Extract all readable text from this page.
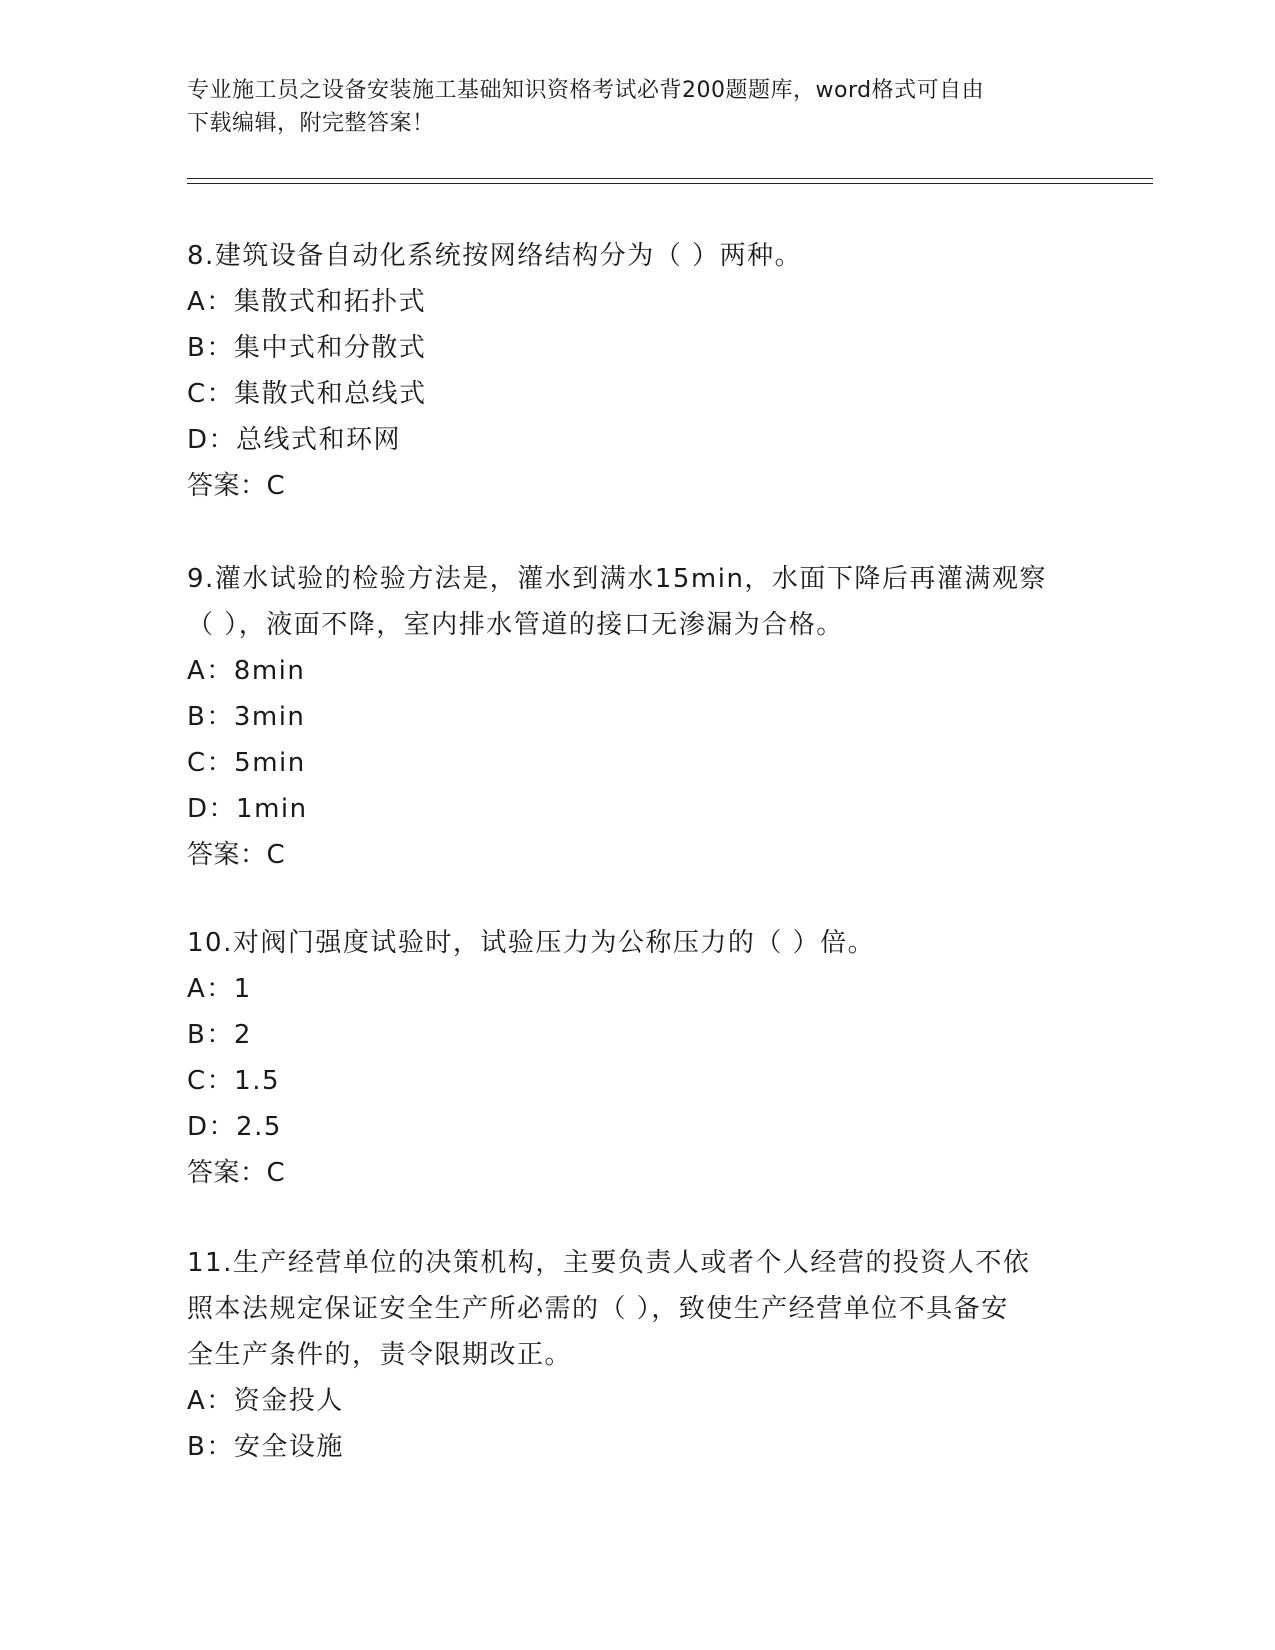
专业施工员之设备安装施工基础知识资格考试必背200题题库，word格式可自由
下载编辑，附完整答案！

8.建筑设备自动化系统按网络结构分为（ ）两种。

A：集散式和拓扑式

B：集中式和分散式

C：集散式和总线式

D：总线式和环网

答案：C

9.灌水试验的检验方法是，灌水到满水15min，水面下降后再灌满观察

（ ），液面不降，室内排水管道的接口无渗漏为合格。

A：8min

B：3min

C：5min

D：1min

答案：C

10.对阀门强度试验时，试验压力为公称压力的（ ）倍。

A：1

B：2

C：1.5

D：2.5

答案：C

11.生产经营单位的决策机构，主要负责人或者个人经营的投资人不依

照本法规定保证安全生产所必需的（ ），致使生产经营单位不具备安

全生产条件的，责令限期改正。

A：资金投人

B：安全设施
